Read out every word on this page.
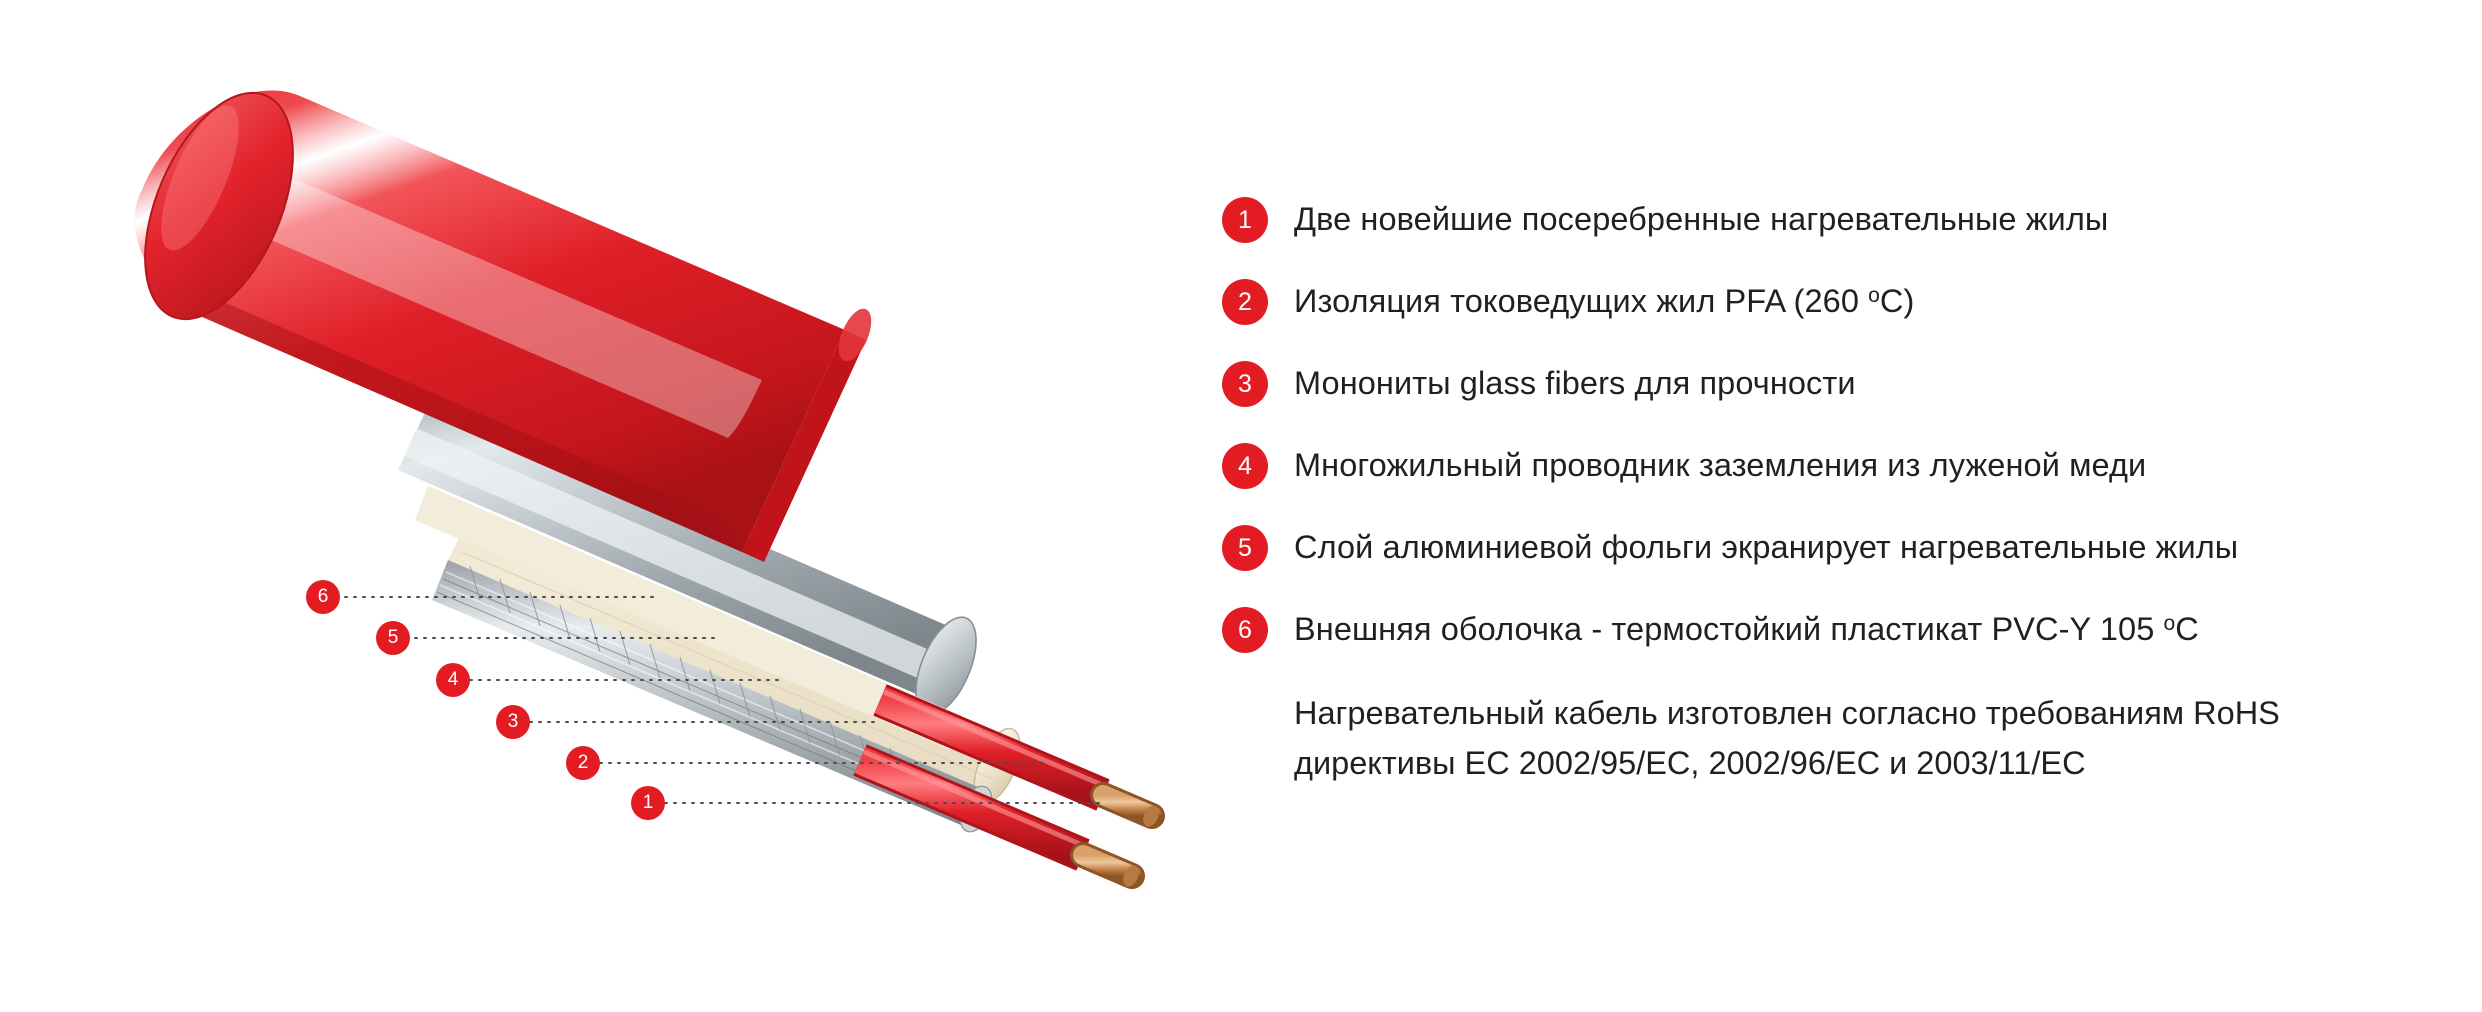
6
5
4
3
2
1
1	Две новейшие посеребренные нагревательные жилы
2	Изоляция токоведущих жил PFA (260 $^o$C)
3	Монониты glass fibers для прочности
4	Многожильный проводник заземления из луженой меди
5	Слой алюминиевой фольги экранирует нагревательные жилы
6	Внешняя оболочка - термостойкий пластикат PVC-Y 105 $^o$C
Нагревательный кабель изготовлен согласно требованиям RoHS
директивы ЕС 2002/95/EC, 2002/96/EC и 2003/11/EC
